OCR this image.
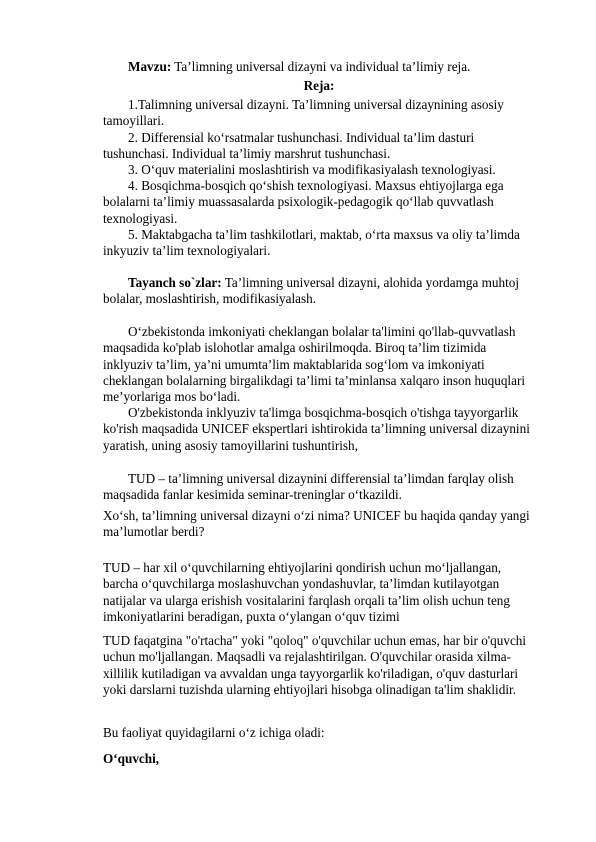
Mavzu: Ta’limning universal dizayni va individual ta’limiy reja.

Reja:

1.Talimning universal dizayni. Ta’limning universal dizaynining asosiy tamoyillari.

2. Differensial ko‘rsatmalar tushunchasi. Individual ta’lim dasturi tushunchasi. Individual ta’limiy marshrut tushunchasi.

3. O‘quv materialini moslashtirish va modifikasiyalash texnologiyasi.

4. Bosqichma-bosqich qo‘shish texnologiyasi. Maxsus ehtiyojlarga ega bolalarni ta’limiy muassasalarda psixologik-pedagogik qo‘llab quvvatlash texnologiyasi.

5. Maktabgacha ta’lim tashkilotlari, maktab, o‘rta maxsus va oliy ta’limda inkyuziv ta’lim texnologiyalari.

Tayanch so`zlar: Ta’limning universal dizayni, alohida yordamga muhtoj bolalar, moslashtirish, modifikasiyalash.

O‘zbekistonda imkoniyati cheklangan bolalar ta'limini qo'llab-quvvatlash maqsadida ko'plab islohotlar amalga oshirilmoqda. Biroq ta’lim tizimida inklyuziv ta’lim, ya’ni umumta’lim maktablarida sog‘lom va imkoniyati cheklangan bolalarning birgalikdagi ta’limi ta’minlansa xalqaro inson huquqlari me’yorlariga mos bo‘ladi.

O'zbekistonda inklyuziv ta'limga bosqichma-bosqich o'tishga tayyorgarlik ko'rish maqsadida UNICEF ekspertlari ishtirokida ta’limning universal dizaynini yaratish, uning asosiy tamoyillarini tushuntirish,

TUD – ta’limning universal dizaynini differensial ta’limdan farqlay olish maqsadida fanlar kesimida seminar-treninglar o‘tkazildi.

Xo‘sh, ta’limning universal dizayni o‘zi nima? UNICEF bu haqida qanday yangi ma’lumotlar berdi?

TUD – har xil o‘quvchilarning ehtiyojlarini qondirish uchun mo‘ljallangan, barcha o‘quvchilarga moslashuvchan yondashuvlar, ta’limdan kutilayotgan natijalar va ularga erishish vositalarini farqlash orqali ta’lim olish uchun teng imkoniyatlarini beradigan, puxta o‘ylangan o‘quv tizimi

TUD faqatgina "o'rtacha" yoki "qoloq" o'quvchilar uchun emas, har bir o'quvchi uchun mo'ljallangan. Maqsadli va rejalashtirilgan. O'quvchilar orasida xilma-xillilik kutiladigan va avvaldan unga tayyorgarlik ko'riladigan, o'quv dasturlari yoki darslarni tuzishda ularning ehtiyojlari hisobga olinadigan ta'lim shaklidir.

Bu faoliyat quyidagilarni o‘z ichiga oladi:

O‘quvchi,
